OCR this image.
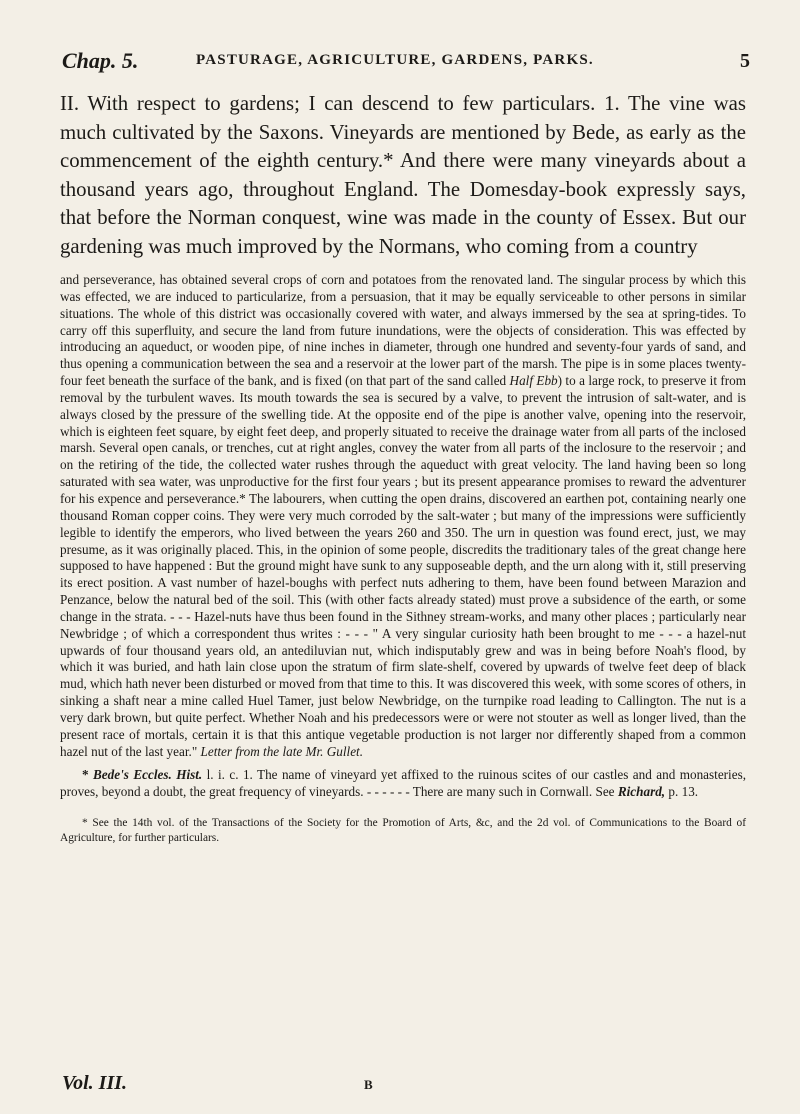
Chap. 5.	PASTURAGE, AGRICULTURE, GARDENS, PARKS.	5

II. With respect to gardens; I can descend to few particulars. 1. The vine was much cultivated by the Saxons. Vineyards are mentioned by Bede, as early as the commencement of the eighth century.* And there were many vineyards about a thousand years ago, throughout England. The Domesday-book expressly says, that before the Norman conquest, wine was made in the county of Essex. But our gardening was much improved by the Normans, who coming from a country

and perseverance, has obtained several crops of corn and potatoes from the renovated land. The singular process by which this was effected, we are induced to particularize, from a persuasion, that it may be equally serviceable to other persons in similar situations. The whole of this district was occasionally covered with water, and always immersed by the sea at spring-tides. To carry off this superfluity, and secure the land from future inundations, were the objects of consideration. This was effected by introducing an aqueduct, or wooden pipe, of nine inches in diameter, through one hundred and seventy-four yards of sand, and thus opening a communication between the sea and a reservoir at the lower part of the marsh. The pipe is in some places twenty-four feet beneath the surface of the bank, and is fixed (on that part of the sand called Half Ebb) to a large rock, to preserve it from removal by the turbulent waves. Its mouth towards the sea is secured by a valve, to prevent the intrusion of salt-water, and is always closed by the pressure of the swelling tide. At the opposite end of the pipe is another valve, opening into the reservoir, which is eighteen feet square, by eight feet deep, and properly situated to receive the drainage water from all parts of the inclosed marsh. Several open canals, or trenches, cut at right angles, convey the water from all parts of the inclosure to the reservoir ; and on the retiring of the tide, the collected water rushes through the aqueduct with great velocity. The land having been so long saturated with sea water, was unproductive for the first four years ; but its present appearance promises to reward the adventurer for his expence and perseverance.* The labourers, when cutting the open drains, discovered an earthen pot, containing nearly one thousand Roman copper coins. They were very much corroded by the salt-water ; but many of the impressions were sufficiently legible to identify the emperors, who lived between the years 260 and 350. The urn in question was found erect, just, we may presume, as it was originally placed. This, in the opinion of some people, discredits the traditionary tales of the great change here supposed to have happened : But the ground might have sunk to any supposeable depth, and the urn along with it, still preserving its erect position. A vast number of hazel-boughs with perfect nuts adhering to them, have been found between Marazion and Penzance, below the natural bed of the soil. This (with other facts already stated) must prove a subsidence of the earth, or some change in the strata. - - - Hazel-nuts have thus been found in the Sithney stream-works, and many other places ; particularly near Newbridge ; of which a correspondent thus writes : - - - " A very singular curiosity hath been brought to me - - - a hazel-nut upwards of four thousand years old, an antediluvian nut, which indisputably grew and was in being before Noah's flood, by which it was buried, and hath lain close upon the stratum of firm slate-shelf, covered by upwards of twelve feet deep of black mud, which hath never been disturbed or moved from that time to this. It was discovered this week, with some scores of others, in sinking a shaft near a mine called Huel Tamer, just below Newbridge, on the turnpike road leading to Callington. The nut is a very dark brown, but quite perfect. Whether Noah and his predecessors were or were not stouter as well as longer lived, than the present race of mortals, certain it is that this antique vegetable production is not larger nor differently shaped from a common hazel nut of the last year." Letter from the late Mr. Gullet.

* Bede's Eccles. Hist. l. i. c. 1. The name of vineyard yet affixed to the ruinous scites of our castles and and monasteries, proves, beyond a doubt, the great frequency of vineyards. - - - - - - There are many such in Cornwall. See Richard, p. 13.

* See the 14th vol. of the Transactions of the Society for the Promotion of Arts, &c, and the 2d vol. of Communications to the Board of Agriculture, for further particulars.

Vol. III.	B
